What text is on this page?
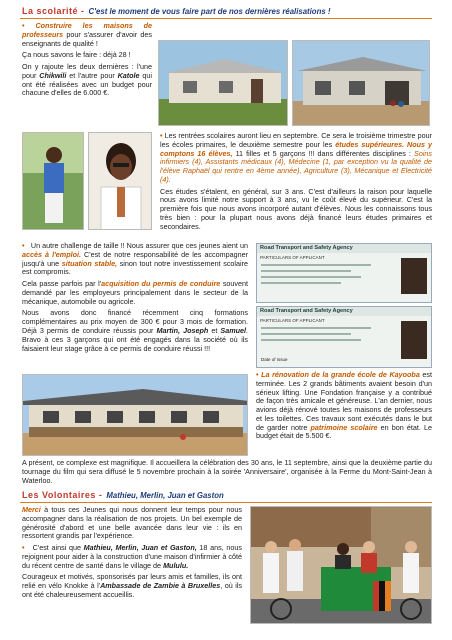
La scolarité - C'est le moment de vous faire part de nos dernières réalisations !

• Construire les maisons de professeurs pour s'assurer d'avoir des enseignants de qualité !

Ça nous savons le faire : déjà 28 !

On y rajoute les deux dernières : l'une pour Chikwili et l'autre pour Katole qui ont été réalisées avec un budget pour chacune d'elles de 6.000 €.

• Les rentrées scolaires auront lieu en septembre. Ce sera le troisième trimestre pour les écoles primaires, le deuxième semestre pour les études supérieures. Nous y comptons 16 élèves, 11 filles et 5 garçons !!! dans différentes disciplines : Soins infirmiers (4), Assistants médicaux (4), Médecine (1, par exception vu la qualité de l'élève Raphaël qui rentre en 4ème année), Agriculture (3), Mécanique et Electricité (4).

Ces études s'étalent, en général, sur 3 ans. C'est d'ailleurs la raison pour laquelle nous avons limité notre support à 3 ans, vu le coût élevé du supérieur. C'est la première fois que nous avons incorporé autant d'élèves. Nous les connaissons tous très bien : pour la plupart nous avons déjà financé leurs études primaires et secondaires.

• Un autre challenge de taille !! Nous assurer que ces jeunes aient un accès à l'emploi. C'est de notre responsabilité de les accompagner jusqu'à une situation stable, sinon tout notre investissement scolaire est compromis.

Cela passe parfois par l'acquisition du permis de conduire souvent demandé par les employeurs principalement dans le secteur de la mécanique, automobile ou agricole.

Nous avons donc financé récemment cinq formations complémentaires au prix moyen de 300 € pour 3 mois de formation. Déjà 3 permis de conduire réussis pour Martin, Joseph et Samuel. Bravo à ces 3 garçons qui ont été engagés dans la société où ils faisaient leur stage grâce à ce permis de conduire réussi !!!

Road Transport and Safety Agency
PARTICULARS OF APPLICANT
Road Transport and Safety Agency
PARTICULARS OF APPLICANT
Date of Issue

• La rénovation de la grande école de Kayooba est terminée. Les 2 grands bâtiments avaient besoin d'un sérieux lifting. Une Fondation française y a contribué de façon très amicale et généreuse. L'an dernier, nous avions déjà rénové toutes les maisons de professeurs et les toilettes. Ces travaux sont exécutés dans le but de garder notre patrimoine scolaire en bon état. Le budget était de 5.500 €.

A présent, ce complexe est magnifique. Il accueillera la célébration des 30 ans, le 11 septembre, ainsi que la deuxième partie du tournage du film qui sera diffusé le 5 novembre prochain à la soirée 'Anniversaire', organisée à la Ferme du Mont-Saint-Jean à Waterloo.

Les Volontaires - Mathieu, Merlin, Juan et Gaston

Merci à tous ces Jeunes qui nous donnent leur temps pour nous accompagner dans la réalisation de nos projets. Un bel exemple de générosité d'abord et une belle avancée dans leur vie : ils en ressortent grandis par l'expérience.

• C'est ainsi que Mathieu, Merlin, Juan et Gaston, 18 ans, nous rejoignent pour aider à la construction d'une maison d'infirmier à côté du récent centre de santé dans le village de Mululu.

Courageux et motivés, sponsorisés par leurs amis et familles, ils ont relié en vélo Knokke à l'Ambassade de Zambie à Bruxelles, où ils ont été chaleureusement accueillis.
